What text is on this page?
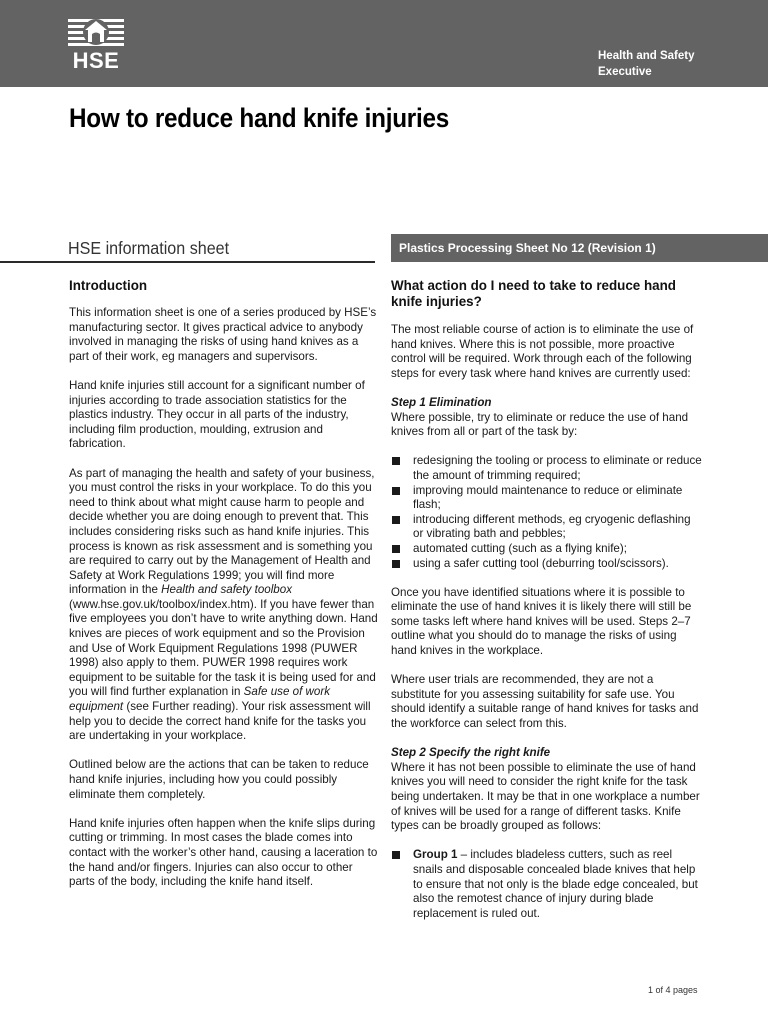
HSE	Health and Safety
Executive
How to reduce hand knife injuries
HSE information sheet	Plastics Processing Sheet No 12 (Revision 1)
Introduction

This information sheet is one of a series produced by HSE’s manufacturing sector. It gives practical advice to anybody involved in managing the risks of using hand knives as a part of their work, eg managers and supervisors.

Hand knife injuries still account for a significant number of injuries according to trade association statistics for the plastics industry. They occur in all parts of the industry, including film production, moulding, extrusion and fabrication.

As part of managing the health and safety of your business, you must control the risks in your workplace. To do this you need to think about what might cause harm to people and decide whether you are doing enough to prevent that. This includes considering risks such as hand knife injuries. This process is known as risk assessment and is something you are required to carry out by the Management of Health and Safety at Work Regulations 1999; you will find more information in the Health and safety toolbox (www.hse.gov.uk/toolbox/index.htm). If you have fewer than five employees you don’t have to write anything down. Hand knives are pieces of work equipment and so the Provision and Use of Work Equipment Regulations 1998 (PUWER 1998) also apply to them. PUWER 1998 requires work equipment to be suitable for the task it is being used for and you will find further explanation in Safe use of work equipment (see Further reading). Your risk assessment will help you to decide the correct hand knife for the tasks you are undertaking in your workplace.

Outlined below are the actions that can be taken to reduce hand knife injuries, including how you could possibly eliminate them completely.

Hand knife injuries often happen when the knife slips during cutting or trimming. In most cases the blade comes into contact with the worker’s other hand, causing a laceration to the hand and/or fingers. Injuries can also occur to other parts of the body, including the knife hand itself.

What action do I need to take to reduce hand knife injuries?

The most reliable course of action is to eliminate the use of hand knives. Where this is not possible, more proactive control will be required. Work through each of the following steps for every task where hand knives are currently used:

Step 1 Elimination

Where possible, try to eliminate or reduce the use of hand knives from all or part of the task by:

redesigning the tooling or process to eliminate or reduce the amount of trimming required;
improving mould maintenance to reduce or eliminate flash;
introducing different methods, eg cryogenic deflashing or vibrating bath and pebbles;
automated cutting (such as a flying knife);
using a safer cutting tool (deburring tool/scissors).

Once you have identified situations where it is possible to eliminate the use of hand knives it is likely there will still be some tasks left where hand knives will be used. Steps 2–7 outline what you should do to manage the risks of using hand knives in the workplace.

Where user trials are recommended, they are not a substitute for you assessing suitability for safe use. You should identify a suitable range of hand knives for tasks and the workforce can select from this.

Step 2 Specify the right knife

Where it has not been possible to eliminate the use of hand knives you will need to consider the right knife for the task being undertaken. It may be that in one workplace a number of knives will be used for a range of different tasks. Knife types can be broadly grouped as follows:

Group 1 – includes bladeless cutters, such as reel snails and disposable concealed blade knives that help to ensure that not only is the blade edge concealed, but also the remotest chance of injury during blade replacement is ruled out.
1 of 4 pages
